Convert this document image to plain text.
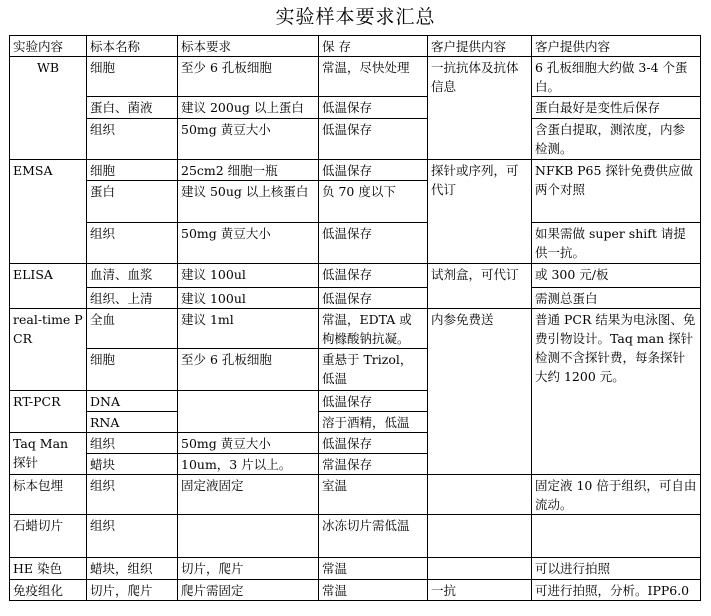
实验样本要求汇总
实验内容	标本名称	标本要求	保 存	客户提供内容	客户提供内容
WB	细胞	至少 6 孔板细胞	常温，尽快处理	一抗抗体及抗体信息	6 孔板细胞大约做 3-4 个蛋白。
	蛋白、菌液	建议 200ug 以上蛋白	低温保存		蛋白最好是变性后保存
	组织	50mg 黄豆大小	低温保存		含蛋白提取，测浓度，内参检测。
EMSA	细胞	25cm2 细胞一瓶	低温保存	探针或序列，可代订	NFKB P65 探针免费供应做两个对照
	蛋白	建议 50ug 以上核蛋白	负 70 度以下		
	组织	50mg 黄豆大小	低温保存		如果需做 super shift 请提供一抗。
ELISA	血清、血浆	建议 100ul	低温保存	试剂盒，可代订	或 300 元/板
	组织、上清	建议 100ul	低温保存		需测总蛋白
real-time PCR	全血	建议 1ml	常温，EDTA 或枸橼酸钠抗凝。	内参免费送	普通 PCR 结果为电泳图、免费引物设计。Taq man 探针检测不含探针费，每条探针大约 1200 元。
	细胞	至少 6 孔板细胞	重悬于 Trizol，低温		
RT-PCR	DNA		低温保存		
	RNA		溶于酒精，低温		
Taq Man 探针	组织	50mg 黄豆大小	低温保存		
	蜡块	10um，3 片以上。	常温保存		
标本包埋	组织	固定液固定	室温		固定液 10 倍于组织，可自由流动。
石蜡切片	组织		冰冻切片需低温		
HE 染色	蜡块，组织	切片，爬片	常温		可以进行拍照
免疫组化	切片，爬片	爬片需固定	常温	一抗	可进行拍照，分析。IPP6.0
